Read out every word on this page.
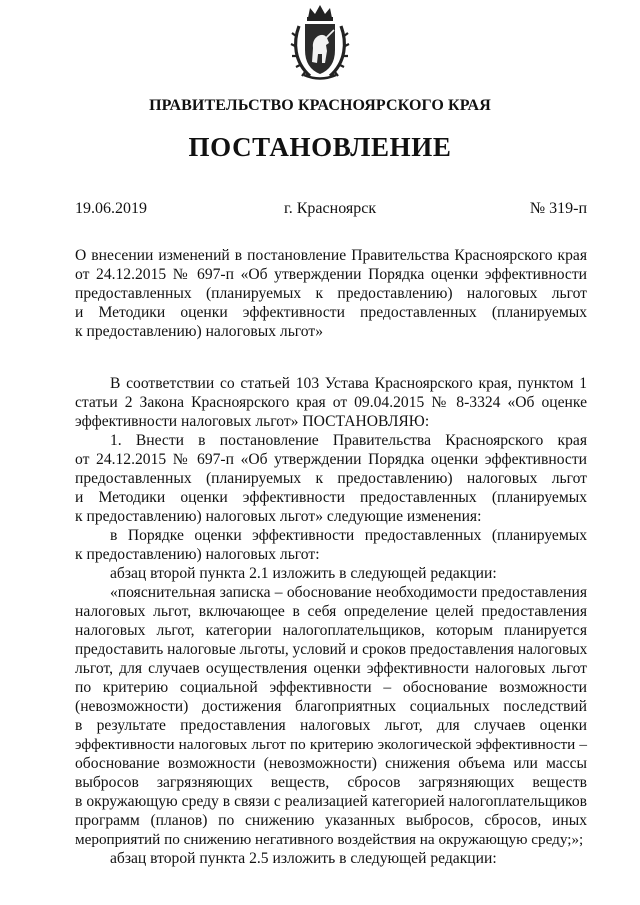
ПРАВИТЕЛЬСТВО КРАСНОЯРСКОГО КРАЯ
ПОСТАНОВЛЕНИЕ
19.06.2019	г. Красноярск	№ 319-п
О внесении изменений в постановление Правительства Красноярского края
от 24.12.2015 № 697-п «Об утверждении Порядка оценки эффективности
предоставленных (планируемых к предоставлению) налоговых льгот
и Методики оценки эффективности предоставленных (планируемых
к предоставлению) налоговых льгот»
В соответствии со статьей 103 Устава Красноярского края, пунктом 1
статьи 2 Закона Красноярского края от 09.04.2015 № 8-3324 «Об оценке
эффективности налоговых льгот» ПОСТАНОВЛЯЮ:
1. Внести в постановление Правительства Красноярского края
от 24.12.2015 № 697-п «Об утверждении Порядка оценки эффективности
предоставленных (планируемых к предоставлению) налоговых льгот
и Методики оценки эффективности предоставленных (планируемых
к предоставлению) налоговых льгот» следующие изменения:
в Порядке оценки эффективности предоставленных (планируемых
к предоставлению) налоговых льгот:
абзац второй пункта 2.1 изложить в следующей редакции:
«пояснительная записка – обоснование необходимости предоставления
налоговых льгот, включающее в себя определение целей предоставления
налоговых льгот, категории налогоплательщиков, которым планируется
предоставить налоговые льготы, условий и сроков предоставления налоговых
льгот, для случаев осуществления оценки эффективности налоговых льгот
по критерию социальной эффективности – обоснование возможности
(невозможности) достижения благоприятных социальных последствий
в результате предоставления налоговых льгот, для случаев оценки
эффективности налоговых льгот по критерию экологической эффективности –
обоснование возможности (невозможности) снижения объема или массы
выбросов загрязняющих веществ, сбросов загрязняющих веществ
в окружающую среду в связи с реализацией категорией налогоплательщиков
программ (планов) по снижению указанных выбросов, сбросов, иных
мероприятий по снижению негативного воздействия на окружающую среду;»;
абзац второй пункта 2.5 изложить в следующей редакции:
